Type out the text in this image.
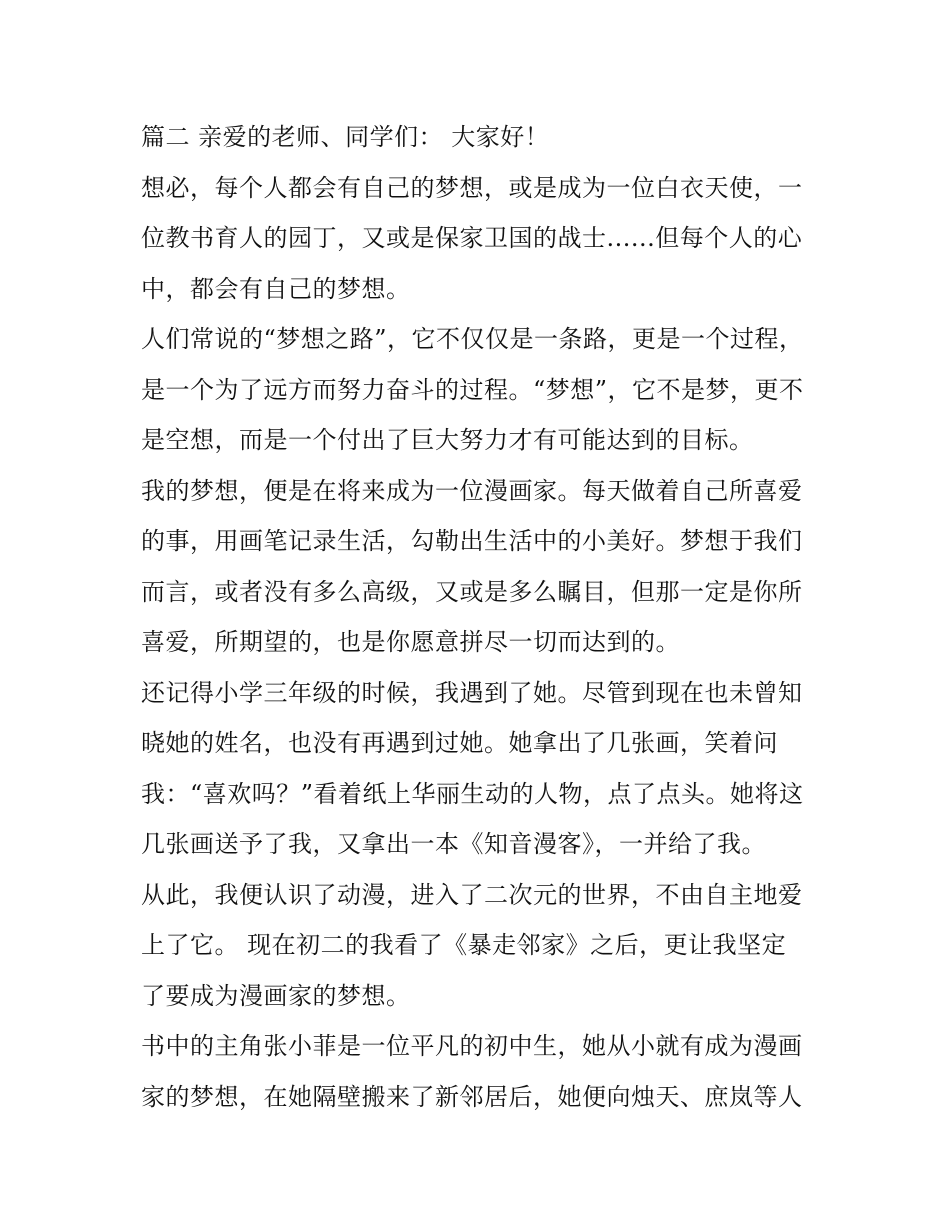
篇二 亲爱的老师、同学们： 大家好！
想必，每个人都会有自己的梦想，或是成为一位白衣天使，一
位教书育人的园丁，又或是保家卫国的战士......但每个人的心
中，都会有自己的梦想。
人们常说的“梦想之路”，它不仅仅是一条路，更是一个过程，
是一个为了远方而努力奋斗的过程。“梦想”，它不是梦，更不
是空想，而是一个付出了巨大努力才有可能达到的目标。
我的梦想，便是在将来成为一位漫画家。每天做着自己所喜爱
的事，用画笔记录生活，勾勒出生活中的小美好。梦想于我们
而言，或者没有多么高级，又或是多么瞩目，但那一定是你所
喜爱，所期望的，也是你愿意拼尽一切而达到的。
还记得小学三年级的时候，我遇到了她。尽管到现在也未曾知
晓她的姓名，也没有再遇到过她。她拿出了几张画，笑着问
我：“喜欢吗？”看着纸上华丽生动的人物，点了点头。她将这
几张画送予了我，又拿出一本《知音漫客》，一并给了我。
从此，我便认识了动漫，进入了二次元的世界，不由自主地爱
上了它。 现在初二的我看了《暴走邻家》之后，更让我坚定
了要成为漫画家的梦想。
书中的主角张小菲是一位平凡的初中生，她从小就有成为漫画
家的梦想，在她隔壁搬来了新邻居后，她便向烛天、庶岚等人
